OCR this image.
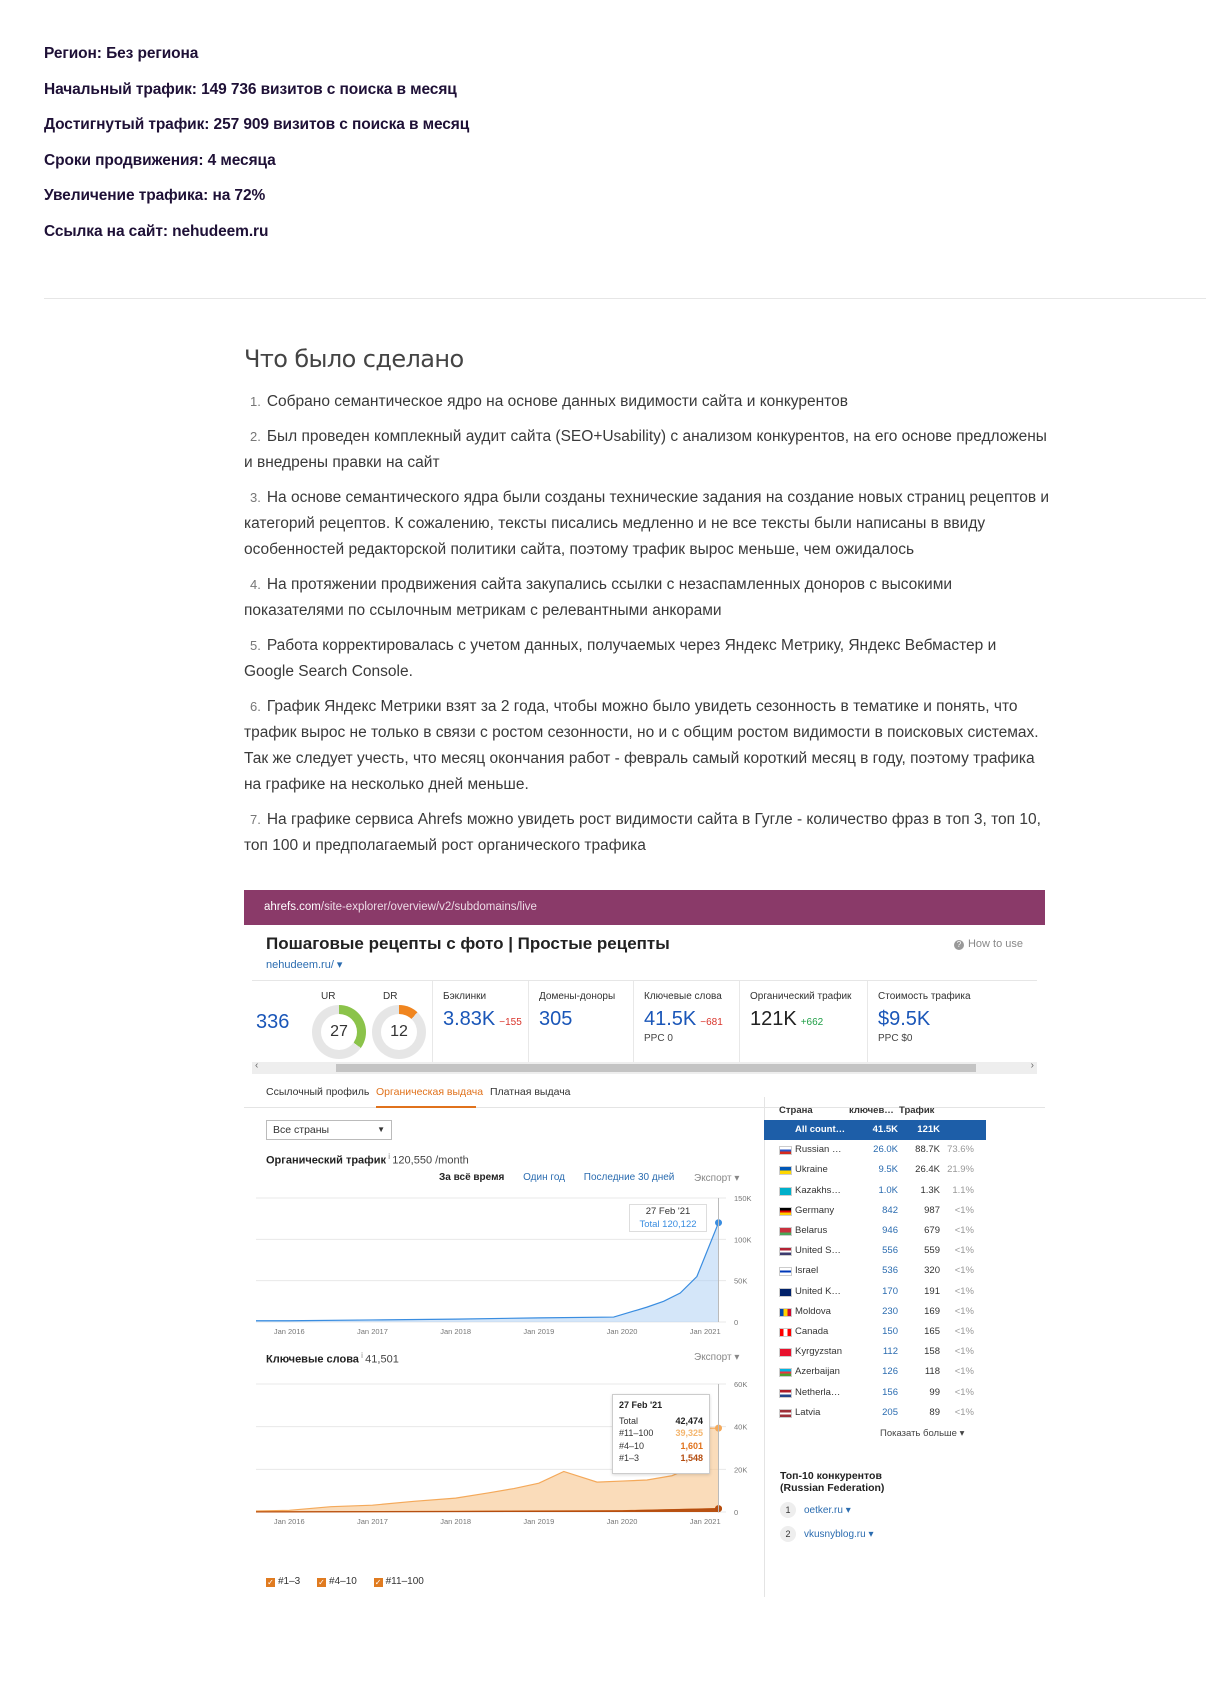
Регион: Без региона
Начальный трафик: 149 736 визитов с поиска в месяц
Достигнутый трафик: 257 909 визитов с поиска в месяц
Сроки продвижения: 4 месяца
Увеличение трафика: на 72%
Ссылка на сайт: nehudeem.ru
Что было сделано
1. Собрано семантическое ядро на основе данных видимости сайта и конкурентов
2. Был проведен комплекный аудит сайта (SEO+Usability) с анализом конкурентов, на его основе предложены и внедрены правки на сайт
3. На основе семантического ядра были созданы технические задания на создание новых страниц рецептов и категорий рецептов. К сожалению, тексты писались медленно и не все тексты были написаны в ввиду особенностей редакторской политики сайта, поэтому трафик вырос меньше, чем ожидалось
4. На протяжении продвижения сайта закупались ссылки с незаспамленных доноров с высокими показателями по ссылочным метрикам с релевантными анкорами
5. Работа корректировалась с учетом данных, получаемых через Яндекс Метрику, Яндекс Вебмастер и Google Search Console.
6. График Яндекс Метрики взят за 2 года, чтобы можно было увидеть сезонность в тематике и понять, что трафик вырос не только в связи с ростом сезонности, но и с общим ростом видимости в поисковых системах. Так же следует учесть, что месяц окончания работ - февраль самый короткий месяц в году, поэтому трафика на графике на несколько дней меньше.
7. На графике сервиса Ahrefs можно увидеть рост видимости сайта в Гугле - количество фраз в топ 3, топ 10, топ 100 и предполагаемый рост органического трафика
ahrefs.com/site-explorer/overview/v2/subdomains/live
Пошаговые рецепты с фото | Простые рецепты
nehudeem.ru/ ▾
? How to use
336
UR
27
DR
12
Бэклинки
3.83K −155
Домены-доноры
305
Ключевые слова
41.5K −681
PPC 0
Органический трафик
121K +662
Стоимость трафика
$9.5K
PPC $0
‹	›
Ссылочный профиль Органическая выдача Платная выдача
Все страны	▼
Органический трафик $^i$ 120,550 /month
За всё время Один год Последние 30 дней	Экспорт ▾
0
50K
100K
150K
Jan 2016	Jan 2017	Jan 2018	Jan 2019	Jan 2020	Jan 2021
27 Feb '21
Total 120,122
Ключевые слова $^i$ 41,501	Экспорт ▾
0
20K
40K
60K
Jan 2016	Jan 2017	Jan 2018	Jan 2019	Jan 2020	Jan 2021
27 Feb '21
Total	42,474
#11–100 39,325
#4–10	1,601
#1–3	1,548
✓ #1–3 ✓ #4–10 ✓ #11–100
Страна	ключев… Трафик
All count…	41.5K	121K
Russian …	26.0K	88.7K 73.6%
Ukraine	9.5K	26.4K 21.9%
Kazakhs…	1.0K	1.3K	1.1%
Germany	842	987	<1%
Belarus	946	679	<1%
United S…	556	559	<1%
Israel	536	320	<1%
United K…	170	191	<1%
Moldova	230	169	<1%
Canada	150	165	<1%
Kyrgyzstan	112	158	<1%
Azerbaijan	126	118	<1%
Netherla…	156	99	<1%
Latvia	205	89	<1%
Показать больше ▾
Топ-10 конкурентов
(Russian Federation)
1 oetker.ru ▾
2 vkusnyblog.ru ▾
